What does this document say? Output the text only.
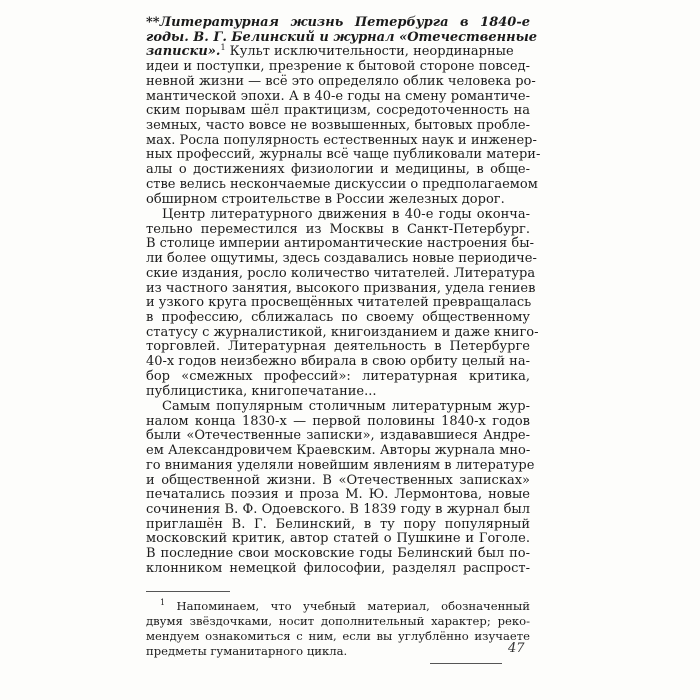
**Литературная жизнь Петербурга в 1840-е
годы. В. Г. Белинский и журнал «Отечественные
записки».$^1$ Культ исключительности, неординарные
идеи и поступки, презрение к бытовой стороне повсед-
невной жизни — всё это определяло облик человека ро-
мантической эпохи. А в 40-е годы на смену романтиче-
ским порывам шёл практицизм, сосредоточенность на
земных, часто вовсе не возвышенных, бытовых пробле-
мах. Росла популярность естественных наук и инженер-
ных профессий, журналы всё чаще публиковали матери-
алы о достижениях физиологии и медицины, в обще-
стве велись нескончаемые дискуссии о предполагаемом
обширном строительстве в России железных дорог.
Центр литературного движения в 40-е годы оконча-
тельно переместился из Москвы в Санкт-Петербург.
В столице империи антиромантические настроения бы-
ли более ощутимы, здесь создавались новые периодиче-
ские издания, росло количество читателей. Литература
из частного занятия, высокого призвания, удела гениев
и узкого круга просвещённых читателей превращалась
в профессию, сближалась по своему общественному
статусу с журналистикой, книгоизданием и даже книго-
торговлей. Литературная деятельность в Петербурге
40-х годов неизбежно вбирала в свою орбиту целый на-
бор «смежных профессий»: литературная критика,
публицистика, книгопечатание...
Самым популярным столичным литературным жур-
налом конца 1830-х — первой половины 1840-х годов
были «Отечественные записки», издававшиеся Андре-
ем Александровичем Краевским. Авторы журнала мно-
го внимания уделяли новейшим явлениям в литературе
и общественной жизни. В «Отечественных записках»
печатались поэзия и проза М. Ю. Лермонтова, новые
сочинения В. Ф. Одоевского. В 1839 году в журнал был
приглашён В. Г. Белинский, в ту пору популярный
московский критик, автор статей о Пушкине и Гоголе.
В последние свои московские годы Белинский был по-
клонником немецкой философии, разделял распрост-
$^1$ Напоминаем, что учебный материал, обозначенный
двумя звёздочками, носит дополнительный характер; реко-
мендуем ознакомиться с ним, если вы углублённо изучаете
предметы гуманитарного цикла.	47
